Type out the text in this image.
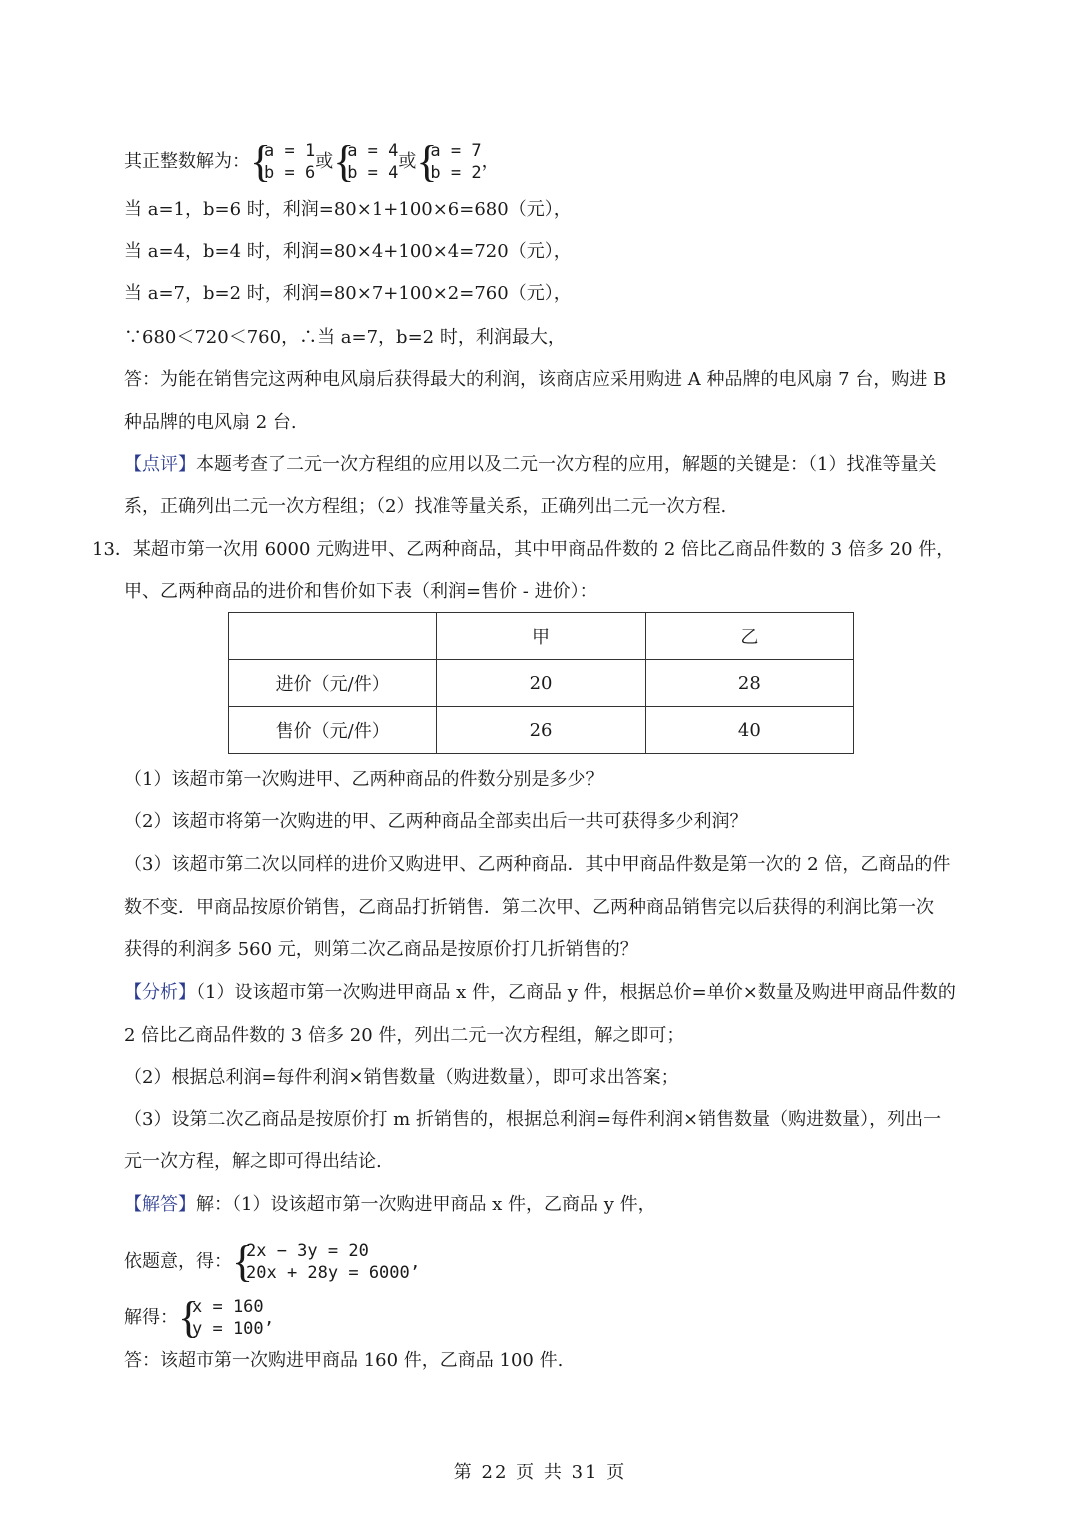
其正整数解为： {
a = 1
b = 6
或 {
a = 4
b = 4
或 {
a = 7
b = 2
，
当 a=1，b=6 时，利润=80×1+100×6=680（元），
当 a=4，b=4 时，利润=80×4+100×4=720（元），
当 a=7，b=2 时，利润=80×7+100×2=760（元），
∵680＜720＜760，∴当 a=7，b=2 时，利润最大，
答：为能在销售完这两种电风扇后获得最大的利润，该商店应采用购进 A 种品牌的电风扇 7 台，购进 B
种品牌的电风扇 2 台.
【点评】本题考查了二元一次方程组的应用以及二元一次方程的应用，解题的关键是：（1）找准等量关
系，正确列出二元一次方程组；（2）找准等量关系，正确列出二元一次方程.
13．某超市第一次用 6000 元购进甲、乙两种商品，其中甲商品件数的 2 倍比乙商品件数的 3 倍多 20 件，
甲、乙两种商品的进价和售价如下表（利润=售价 - 进价）：
	甲	乙
进价（元/件）	20	28
售价（元/件）	26	40
（1）该超市第一次购进甲、乙两种商品的件数分别是多少？
（2）该超市将第一次购进的甲、乙两种商品全部卖出后一共可获得多少利润？
（3）该超市第二次以同样的进价又购进甲、乙两种商品．其中甲商品件数是第一次的 2 倍，乙商品的件
数不变．甲商品按原价销售，乙商品打折销售．第二次甲、乙两种商品销售完以后获得的利润比第一次
获得的利润多 560 元，则第二次乙商品是按原价打几折销售的？
【分析】（1）设该超市第一次购进甲商品 x 件，乙商品 y 件，根据总价=单价×数量及购进甲商品件数的
2 倍比乙商品件数的 3 倍多 20 件，列出二元一次方程组，解之即可；
（2）根据总利润=每件利润×销售数量（购进数量），即可求出答案；
（3）设第二次乙商品是按原价打 m 折销售的，根据总利润=每件利润×销售数量（购进数量），列出一
元一次方程，解之即可得出结论.
【解答】解：（1）设该超市第一次购进甲商品 x 件，乙商品 y 件，
依题意，得： {
2x − 3y = 20
20x + 28y = 6000’
解得： {
x = 160
y = 100’
答：该超市第一次购进甲商品 160 件，乙商品 100 件.
第 22 页 共 31 页
